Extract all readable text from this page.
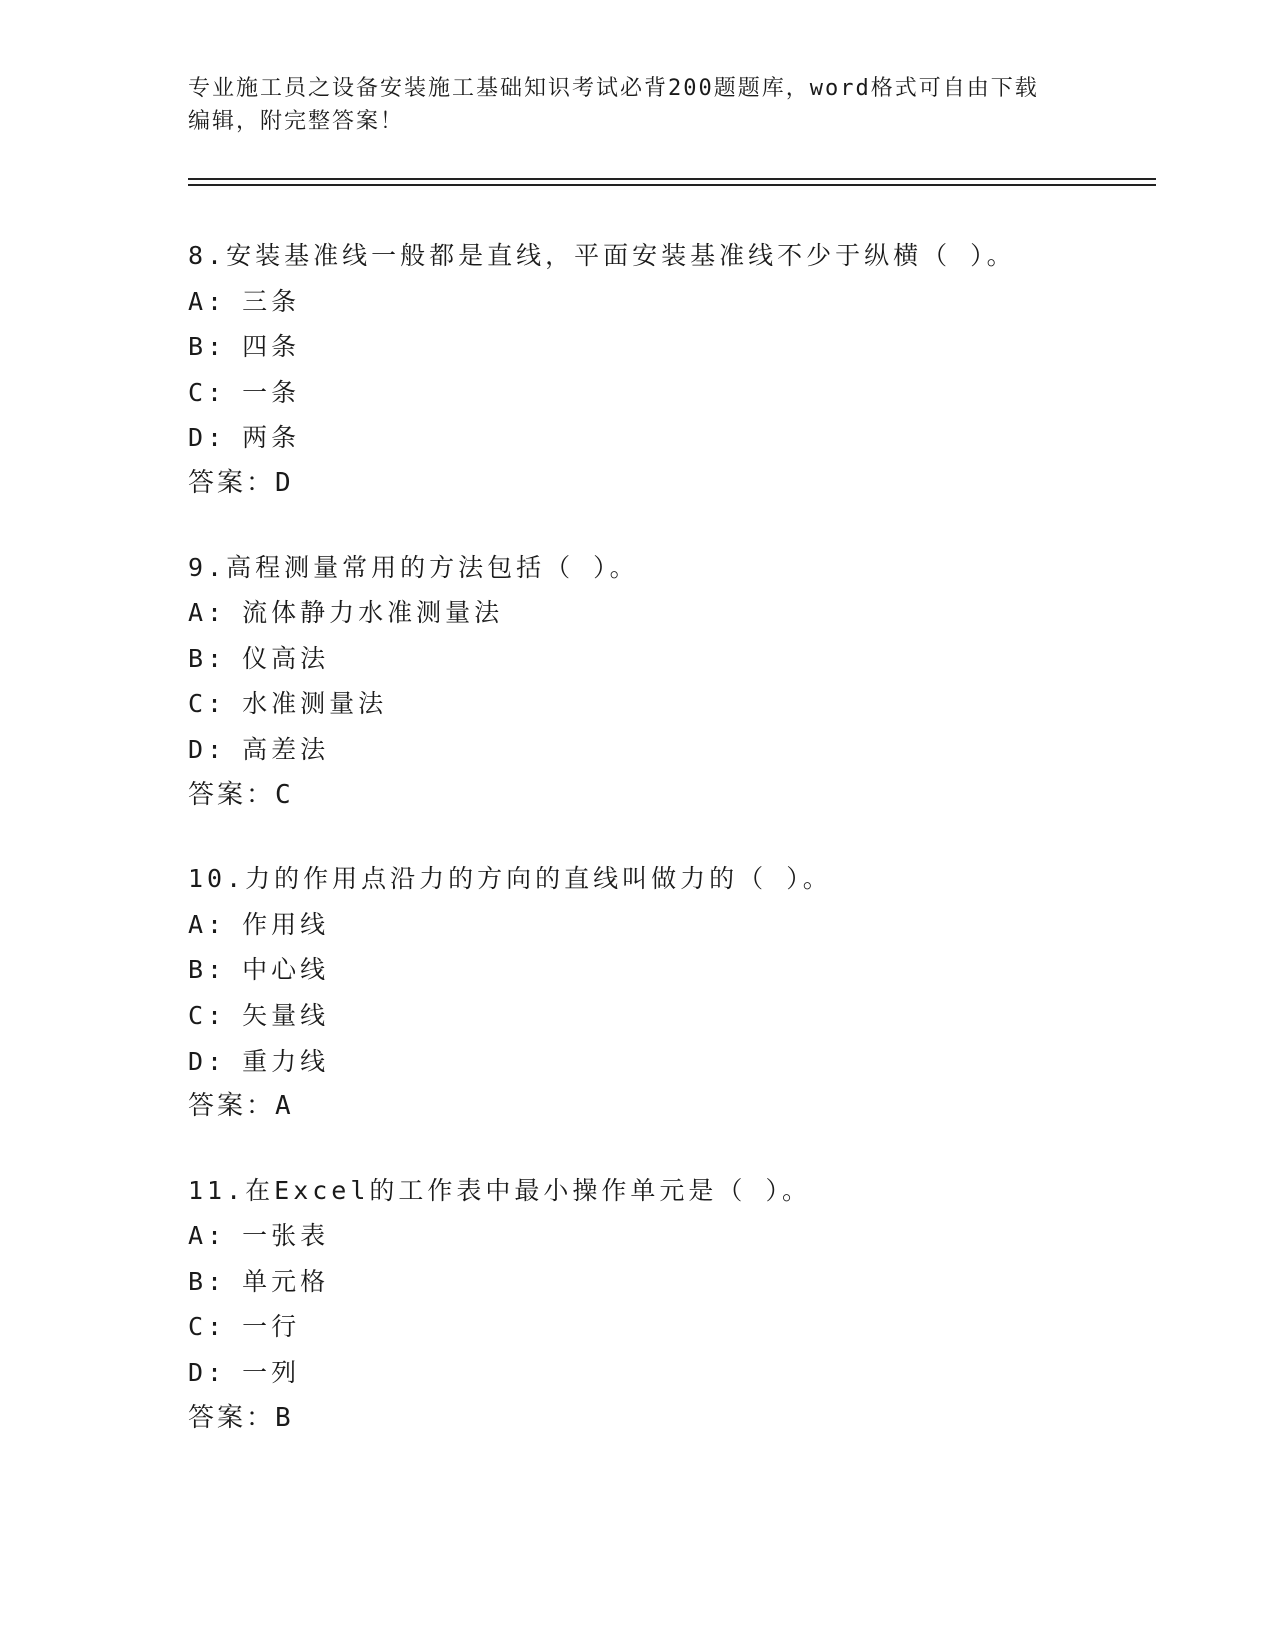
专业施工员之设备安装施工基础知识考试必背200题题库，word格式可自由下载
编辑，附完整答案！
8.安装基准线一般都是直线，平面安装基准线不少于纵横（ ）。
A: 三条
B: 四条
C: 一条
D: 两条
答案：D
9.高程测量常用的方法包括（ ）。
A: 流体静力水准测量法
B: 仪高法
C: 水准测量法
D: 高差法
答案：C
10.力的作用点沿力的方向的直线叫做力的（ ）。
A: 作用线
B: 中心线
C: 矢量线
D: 重力线
答案：A
11.在Excel的工作表中最小操作单元是（ ）。
A: 一张表
B: 单元格
C: 一行
D: 一列
答案：B
